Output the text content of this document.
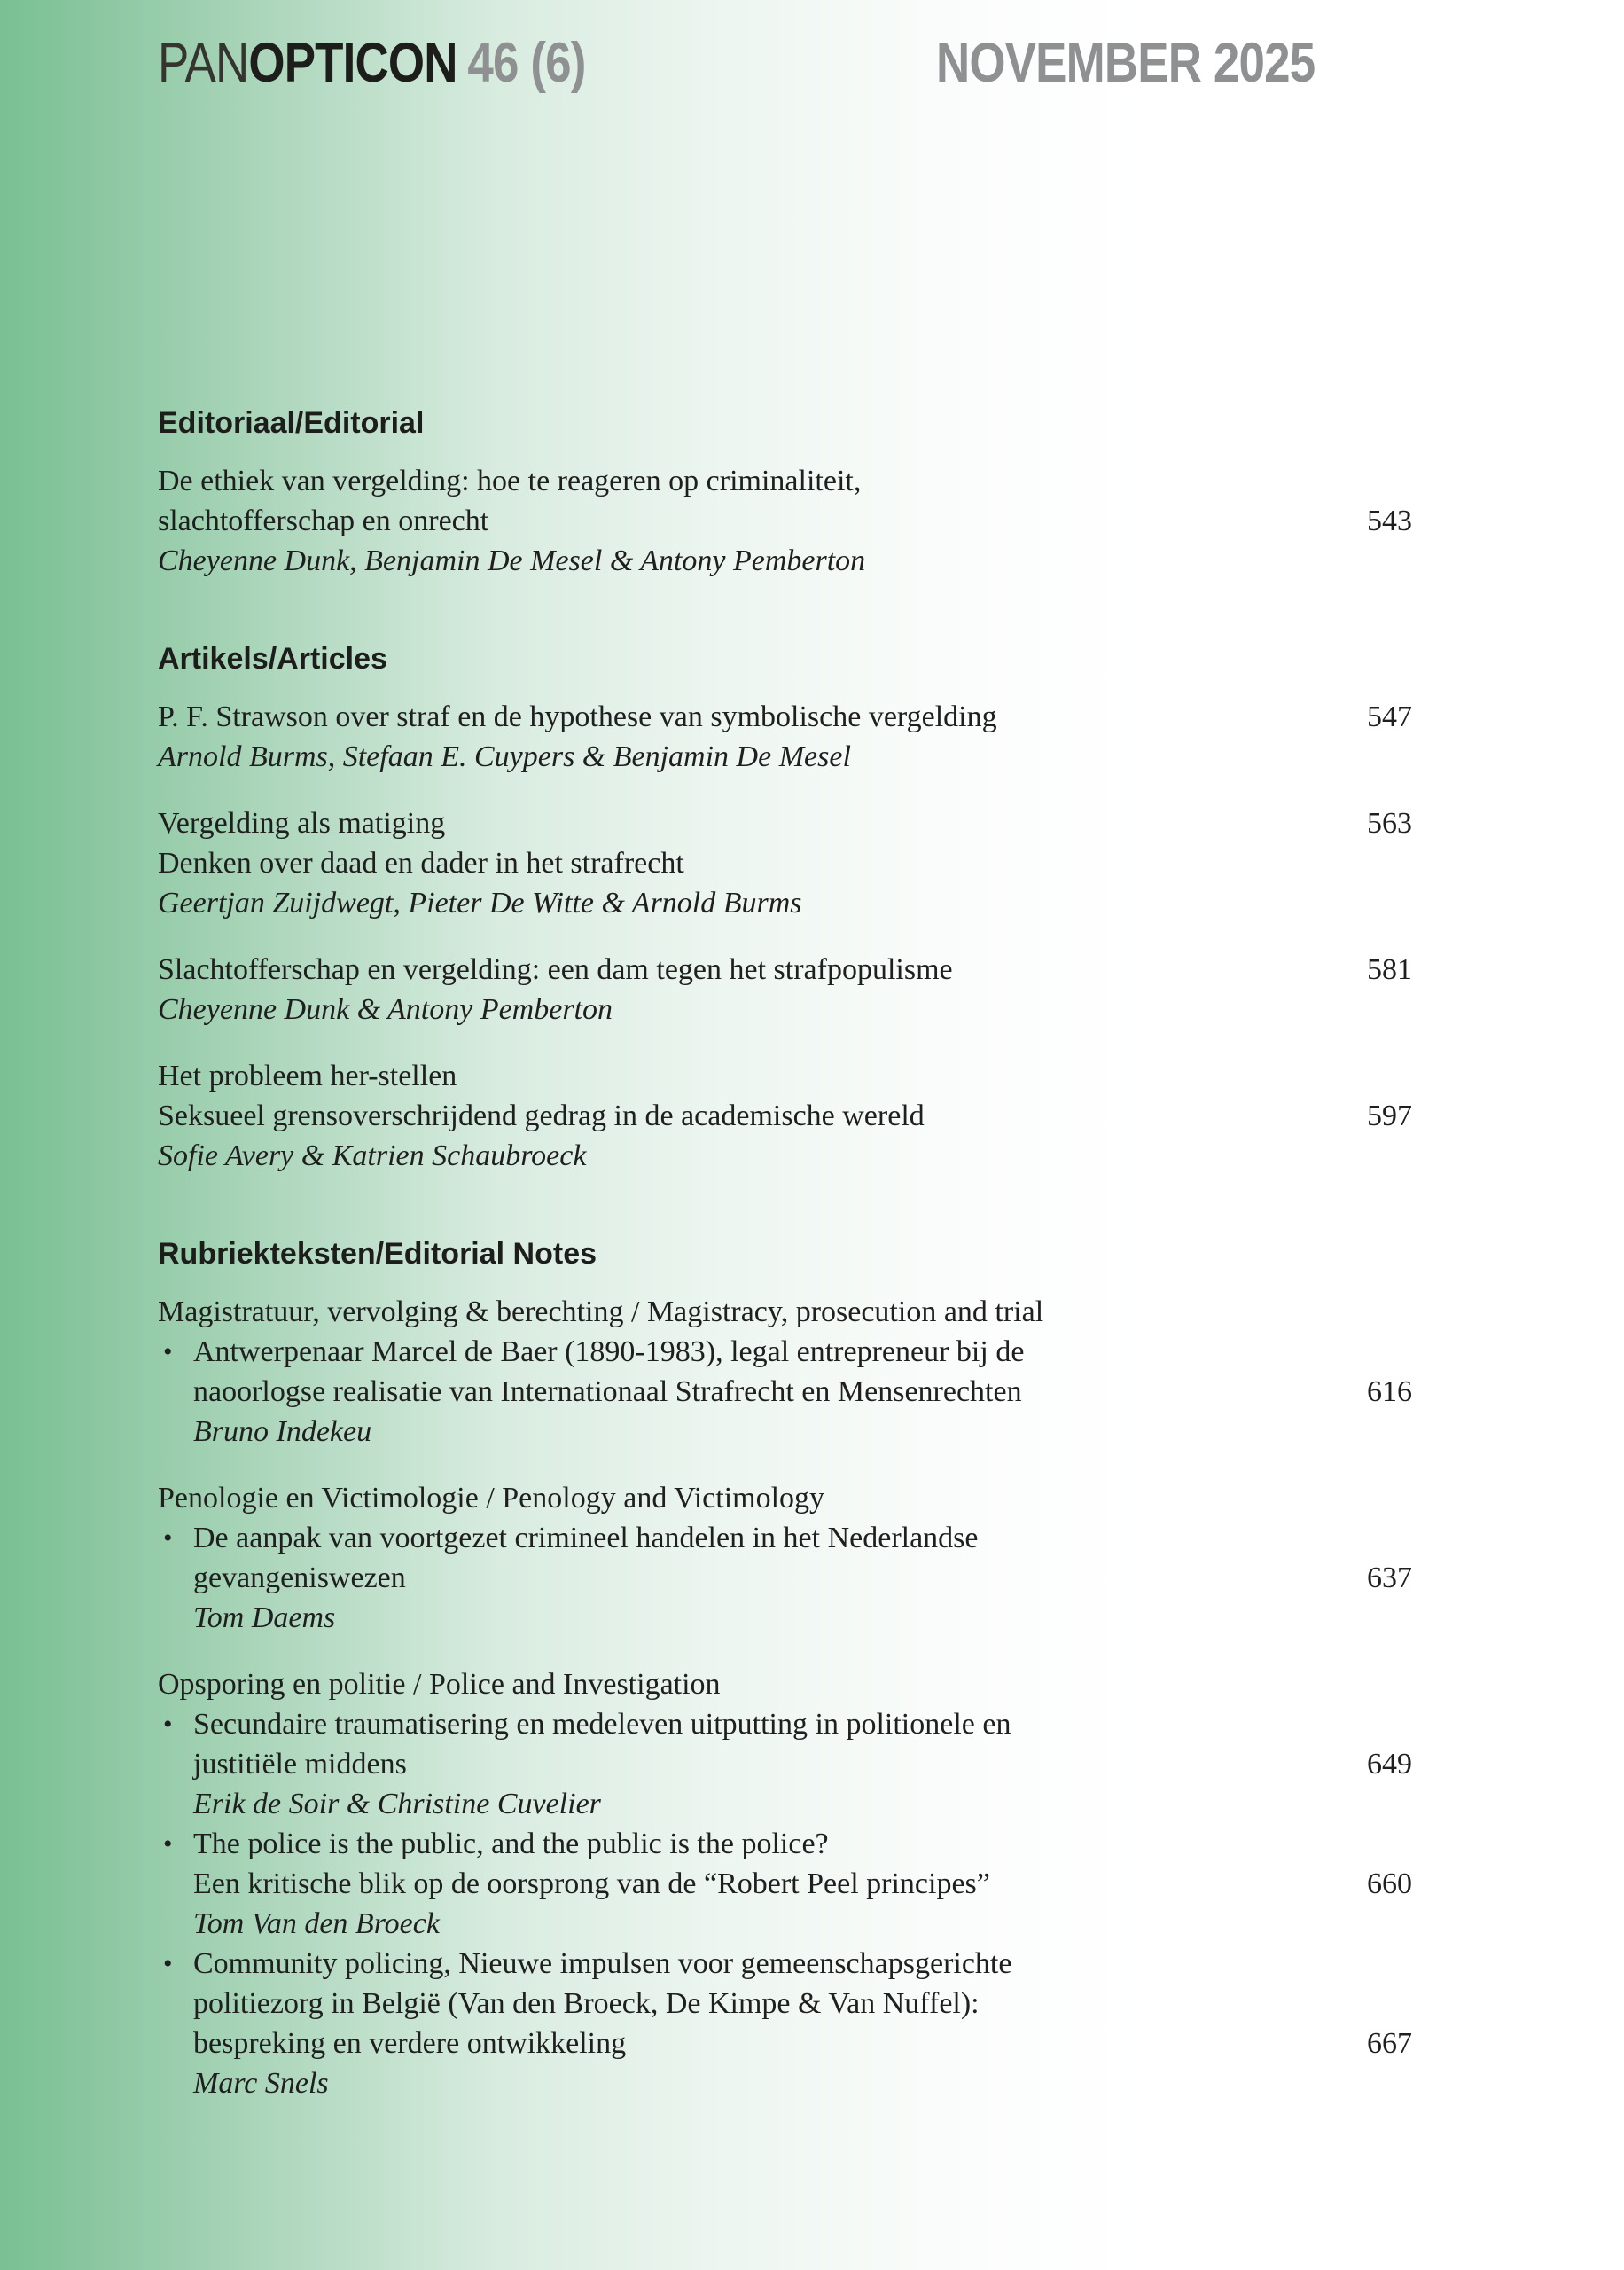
PANOPTICON 46 (6)	NOVEMBER 2025
Editoriaal/Editorial
De ethiek van vergelding: hoe te reageren op criminaliteit,
slachtofferschap en onrecht	543
Cheyenne Dunk, Benjamin De Mesel & Antony Pemberton
Artikels/Articles
P. F. Strawson over straf en de hypothese van symbolische vergelding	547
Arnold Burms, Stefaan E. Cuypers & Benjamin De Mesel
Vergelding als matiging	563
Denken over daad en dader in het strafrecht
Geertjan Zuijdwegt, Pieter De Witte & Arnold Burms
Slachtofferschap en vergelding: een dam tegen het strafpopulisme	581
Cheyenne Dunk & Antony Pemberton
Het probleem her-stellen
Seksueel grensoverschrijdend gedrag in de academische wereld	597
Sofie Avery & Katrien Schaubroeck
Rubriekteksten/Editorial Notes
Magistratuur, vervolging & berechting / Magistracy, prosecution and trial
• Antwerpenaar Marcel de Baer (1890-1983), legal entrepreneur bij de
naoorlogse realisatie van Internationaal Strafrecht en Mensenrechten	616
Bruno Indekeu
Penologie en Victimologie / Penology and Victimology
• De aanpak van voortgezet crimineel handelen in het Nederlandse
gevangeniswezen	637
Tom Daems
Opsporing en politie / Police and Investigation
• Secundaire traumatisering en medeleven uitputting in politionele en
justitiële middens	649
Erik de Soir & Christine Cuvelier
• The police is the public, and the public is the police?
Een kritische blik op de oorsprong van de “Robert Peel principes”	660
Tom Van den Broeck
• Community policing, Nieuwe impulsen voor gemeenschapsgerichte
politiezorg in België (Van den Broeck, De Kimpe & Van Nuffel):
bespreking en verdere ontwikkeling	667
Marc Snels
